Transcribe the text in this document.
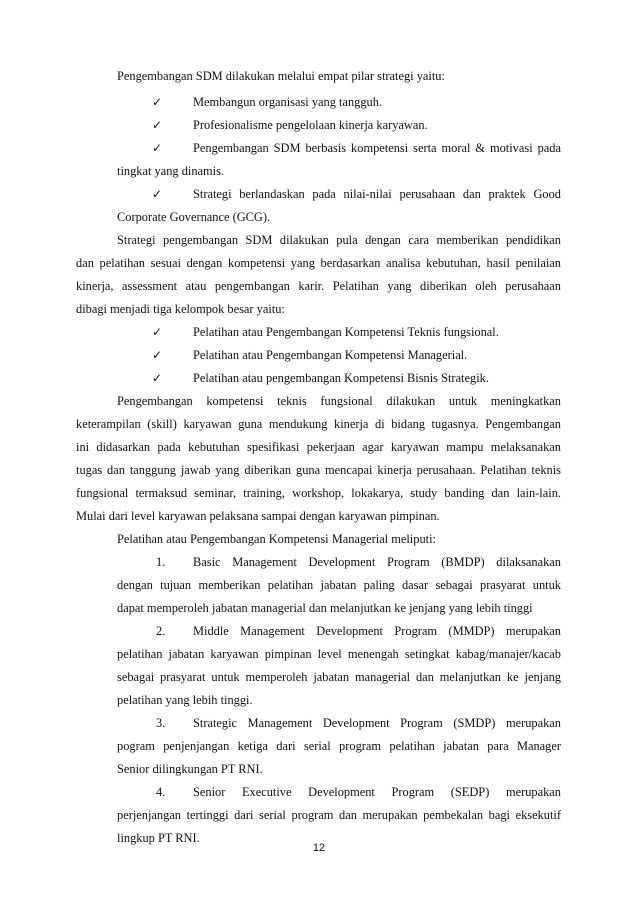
Pengembangan SDM dilakukan melalui empat pilar strategi yaitu:
✓ Membangun organisasi yang tangguh.
✓ Profesionalisme pengelolaan kinerja karyawan.
✓ Pengembangan SDM berbasis kompetensi serta moral & motivasi pada
tingkat yang dinamis.
✓ Strategi berlandaskan pada nilai-nilai perusahaan dan praktek Good
Corporate Governance (GCG).
Strategi pengembangan SDM dilakukan pula dengan cara memberikan pendidikan
dan pelatihan sesuai dengan kompetensi yang berdasarkan analisa kebutuhan, hasil penilaian
kinerja, assessment atau pengembangan karir. Pelatihan yang diberikan oleh perusahaan
dibagi menjadi tiga kelompok besar yaitu:
✓ Pelatihan atau Pengembangan Kompetensi Teknis fungsional.
✓ Pelatihan atau Pengembangan Kompetensi Managerial.
✓ Pelatihan atau pengembangan Kompetensi Bisnis Strategik.
Pengembangan kompetensi teknis fungsional dilakukan untuk meningkatkan
keterampilan (skill) karyawan guna mendukung kinerja di bidang tugasnya. Pengembangan
ini didasarkan pada kebutuhan spesifikasi pekerjaan agar karyawan mampu melaksanakan
tugas dan tanggung jawab yang diberikan guna mencapai kinerja perusahaan. Pelatihan teknis
fungsional termaksud seminar, training, workshop, lokakarya, study banding dan lain-lain.
Mulai dari level karyawan pelaksana sampai dengan karyawan pimpinan.
Pelatihan atau Pengembangan Kompetensi Managerial meliputi:
1. Basic Management Development Program (BMDP) dilaksanakan
dengan tujuan memberikan pelatihan jabatan paling dasar sebagai prasyarat untuk
dapat memperoleh jabatan managerial dan melanjutkan ke jenjang yang lebih tinggi
2. Middle Management Development Program (MMDP) merupakan
pelatihan jabatan karyawan pimpinan level menengah setingkat kabag/manajer/kacab
sebagai prasyarat untuk memperoleh jabatan managerial dan melanjutkan ke jenjang
pelatihan yang lebih tinggi.
3. Strategic Management Development Program (SMDP) merupakan
pogram penjenjangan ketiga dari serial program pelatihan jabatan para Manager
Senior dilingkungan PT RNI.
4. Senior Executive Development Program (SEDP) merupakan
perjenjangan tertinggi dari serial program dan merupakan pembekalan bagi eksekutif
lingkup PT RNI.
12
